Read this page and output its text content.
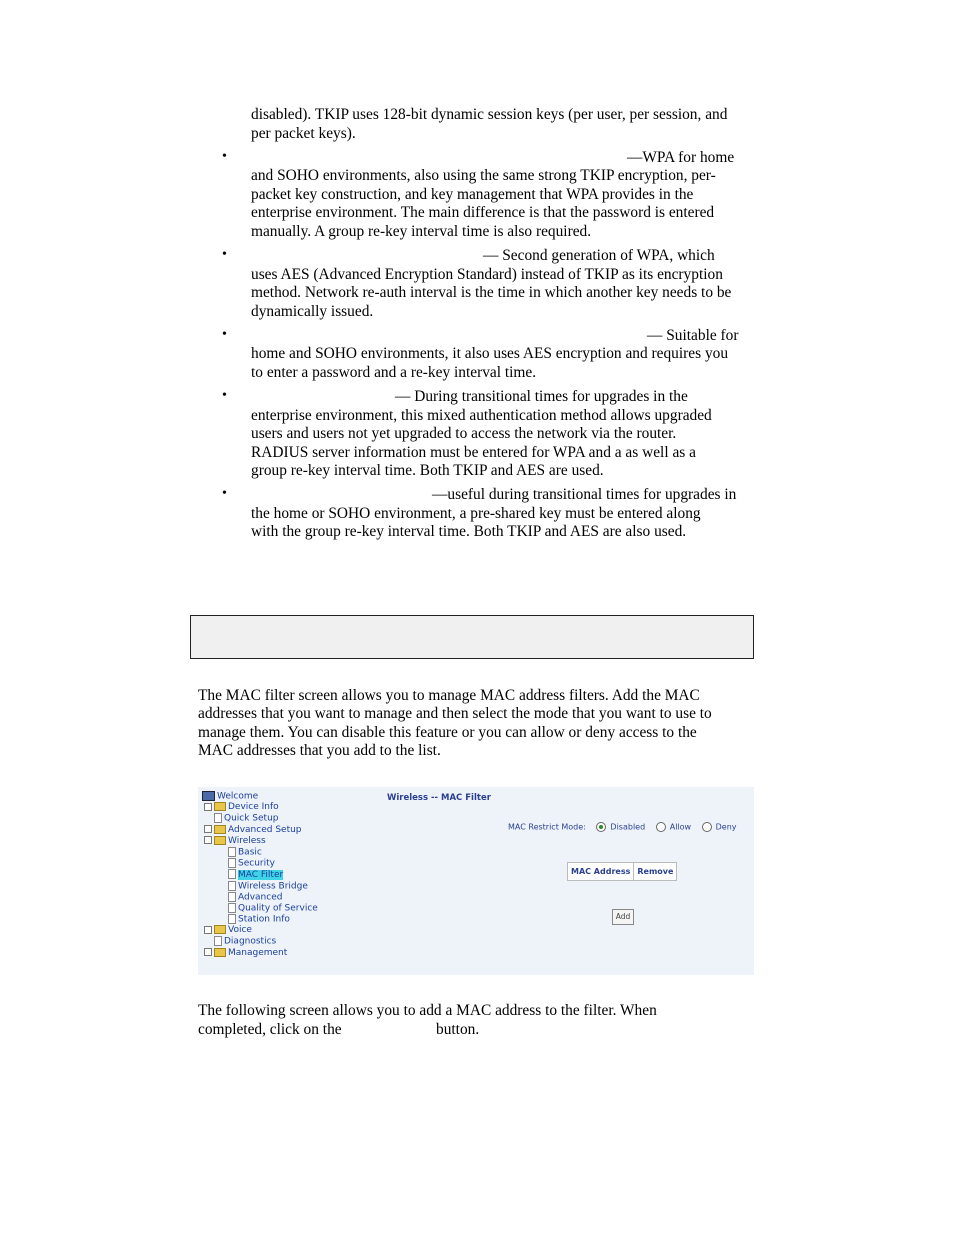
disabled). TKIP uses 128-bit dynamic session keys (per user, per session, and
per packet keys).
•	—WPA for home
and SOHO environments, also using the same strong TKIP encryption, per-
packet key construction, and key management that WPA provides in the
enterprise environment. The main difference is that the password is entered
manually. A group re-key interval time is also required.
•	— Second generation of WPA, which
uses AES (Advanced Encryption Standard) instead of TKIP as its encryption
method. Network re-auth interval is the time in which another key needs to be
dynamically issued.
•	— Suitable for
home and SOHO environments, it also uses AES encryption and requires you
to enter a password and a re-key interval time.
•	— During transitional times for upgrades in the
enterprise environment, this mixed authentication method allows upgraded
users and users not yet upgraded to access the network via the router.
RADIUS server information must be entered for WPA and a as well as a
group re-key interval time. Both TKIP and AES are used.
•	—useful during transitional times for upgrades in
the home or SOHO environment, a pre-shared key must be entered along
with the group re-key interval time. Both TKIP and AES are also used.
The MAC filter screen allows you to manage MAC address filters. Add the MAC
addresses that you want to manage and then select the mode that you want to use to
manage them. You can disable this feature or you can allow or deny access to the
MAC addresses that you add to the list.
Welcome
Device Info
Quick Setup
Advanced Setup
Wireless
Basic
Security
MAC Filter
Wireless Bridge
Advanced
Quality of Service
Station Info
Voice
Diagnostics
Management
Wireless -- MAC Filter
MAC Restrict Mode:	Disabled	Allow	Deny
MAC Address	Remove
Add
The following screen allows you to add a MAC address to the filter. When
completed, click on the	button.
